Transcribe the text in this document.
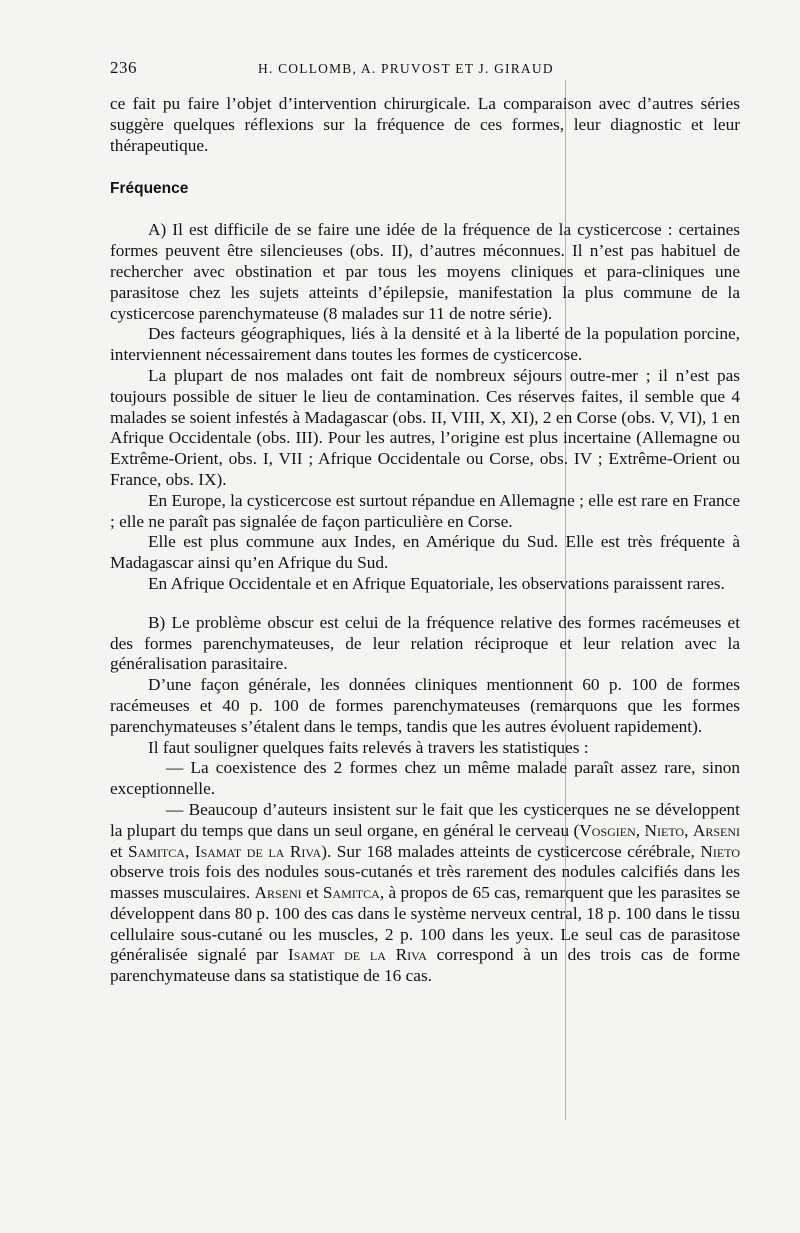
236	H. COLLOMB, A. PRUVOST ET J. GIRAUD

ce fait pu faire l’objet d’intervention chirurgicale. La comparaison avec d’autres séries suggère quelques réflexions sur la fréquence de ces formes, leur diagnostic et leur thérapeutique.

Fréquence

A) Il est difficile de se faire une idée de la fréquence de la cysticercose : certaines formes peuvent être silencieuses (obs. II), d’autres méconnues. Il n’est pas habituel de rechercher avec obstination et par tous les moyens cliniques et para-cliniques une parasitose chez les sujets atteints d’épilepsie, manifestation la plus commune de la cysticercose parenchymateuse (8 malades sur 11 de notre série).

Des facteurs géographiques, liés à la densité et à la liberté de la population porcine, interviennent nécessairement dans toutes les formes de cysticercose.

La plupart de nos malades ont fait de nombreux séjours outre-mer ; il n’est pas toujours possible de situer le lieu de contamination. Ces réserves faites, il semble que 4 malades se soient infestés à Madagascar (obs. II, VIII, X, XI), 2 en Corse (obs. V, VI), 1 en Afrique Occidentale (obs. III). Pour les autres, l’origine est plus incertaine (Allemagne ou Extrême-Orient, obs. I, VII ; Afrique Occidentale ou Corse, obs. IV ; Extrême-Orient ou France, obs. IX).

En Europe, la cysticercose est surtout répandue en Allemagne ; elle est rare en France ; elle ne paraît pas signalée de façon particulière en Corse.

Elle est plus commune aux Indes, en Amérique du Sud. Elle est très fréquente à Madagascar ainsi qu’en Afrique du Sud.

En Afrique Occidentale et en Afrique Equatoriale, les observations paraissent rares.

B) Le problème obscur est celui de la fréquence relative des formes racémeuses et des formes parenchymateuses, de leur relation réciproque et leur relation avec la généralisation parasitaire.

D’une façon générale, les données cliniques mentionnent 60 p. 100 de formes racémeuses et 40 p. 100 de formes parenchymateuses (remarquons que les formes parenchymateuses s’étalent dans le temps, tandis que les autres évoluent rapidement).

Il faut souligner quelques faits relevés à travers les statistiques :

— La coexistence des 2 formes chez un même malade paraît assez rare, sinon exceptionnelle.

— Beaucoup d’auteurs insistent sur le fait que les cysticerques ne se développent la plupart du temps que dans un seul organe, en général le cerveau (Vosgien, Nieto, Arseni et Samitca, Isamat de la Riva). Sur 168 malades atteints de cysticercose cérébrale, Nieto observe trois fois des nodules sous-cutanés et très rarement des nodules calcifiés dans les masses musculaires. Arseni et Samitca, à propos de 65 cas, remarquent que les parasites se développent dans 80 p. 100 des cas dans le système nerveux central, 18 p. 100 dans le tissu cellulaire sous-cutané ou les muscles, 2 p. 100 dans les yeux. Le seul cas de parasitose généralisée signalé par Isamat de la Riva correspond à un des trois cas de forme parenchymateuse dans sa statistique de 16 cas.
